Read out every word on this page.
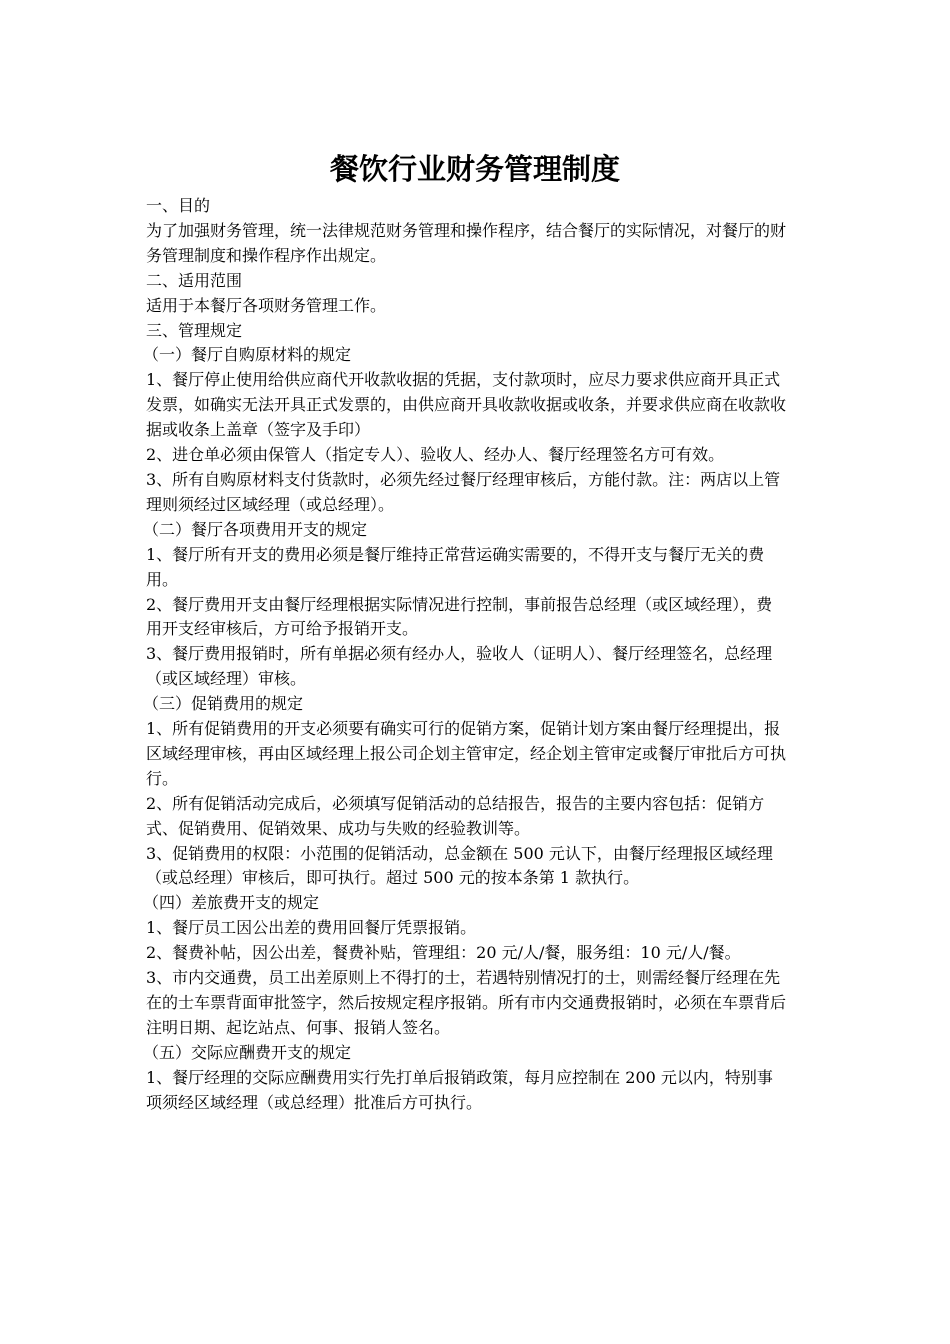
餐饮行业财务管理制度

一、目的

为了加强财务管理，统一法律规范财务管理和操作程序，结合餐厅的实际情况，对餐厅的财务管理制度和操作程序作出规定。

二、适用范围

适用于本餐厅各项财务管理工作。

三、管理规定

（一）餐厅自购原材料的规定

1、餐厅停止使用给供应商代开收款收据的凭据，支付款项时，应尽力要求供应商开具正式发票，如确实无法开具正式发票的，由供应商开具收款收据或收条，并要求供应商在收款收据或收条上盖章（签字及手印）

2、进仓单必须由保管人（指定专人）、验收人、经办人、餐厅经理签名方可有效。

3、所有自购原材料支付货款时，必须先经过餐厅经理审核后，方能付款。注：两店以上管理则须经过区域经理（或总经理）。

（二）餐厅各项费用开支的规定

1、餐厅所有开支的费用必须是餐厅维持正常营运确实需要的，不得开支与餐厅无关的费用。

2、餐厅费用开支由餐厅经理根据实际情况进行控制，事前报告总经理（或区域经理），费用开支经审核后，方可给予报销开支。

3、餐厅费用报销时，所有单据必须有经办人，验收人（证明人）、餐厅经理签名，总经理（或区域经理）审核。

（三）促销费用的规定

1、所有促销费用的开支必须要有确实可行的促销方案，促销计划方案由餐厅经理提出，报区域经理审核，再由区域经理上报公司企划主管审定，经企划主管审定或餐厅审批后方可执行。

2、所有促销活动完成后，必须填写促销活动的总结报告，报告的主要内容包括：促销方式、促销费用、促销效果、成功与失败的经验教训等。

3、促销费用的权限：小范围的促销活动，总金额在 500 元认下，由餐厅经理报区域经理（或总经理）审核后，即可执行。超过 500 元的按本条第 1 款执行。

（四）差旅费开支的规定

1、餐厅员工因公出差的费用回餐厅凭票报销。

2、餐费补帖，因公出差，餐费补贴，管理组：20 元/人/餐，服务组：10 元/人/餐。

3、市内交通费，员工出差原则上不得打的士，若遇特别情况打的士，则需经餐厅经理在先在的士车票背面审批签字，然后按规定程序报销。所有市内交通费报销时，必须在车票背后注明日期、起讫站点、何事、报销人签名。

（五）交际应酬费开支的规定

1、餐厅经理的交际应酬费用实行先打单后报销政策，每月应控制在 200 元以内，特别事项须经区域经理（或总经理）批准后方可执行。
